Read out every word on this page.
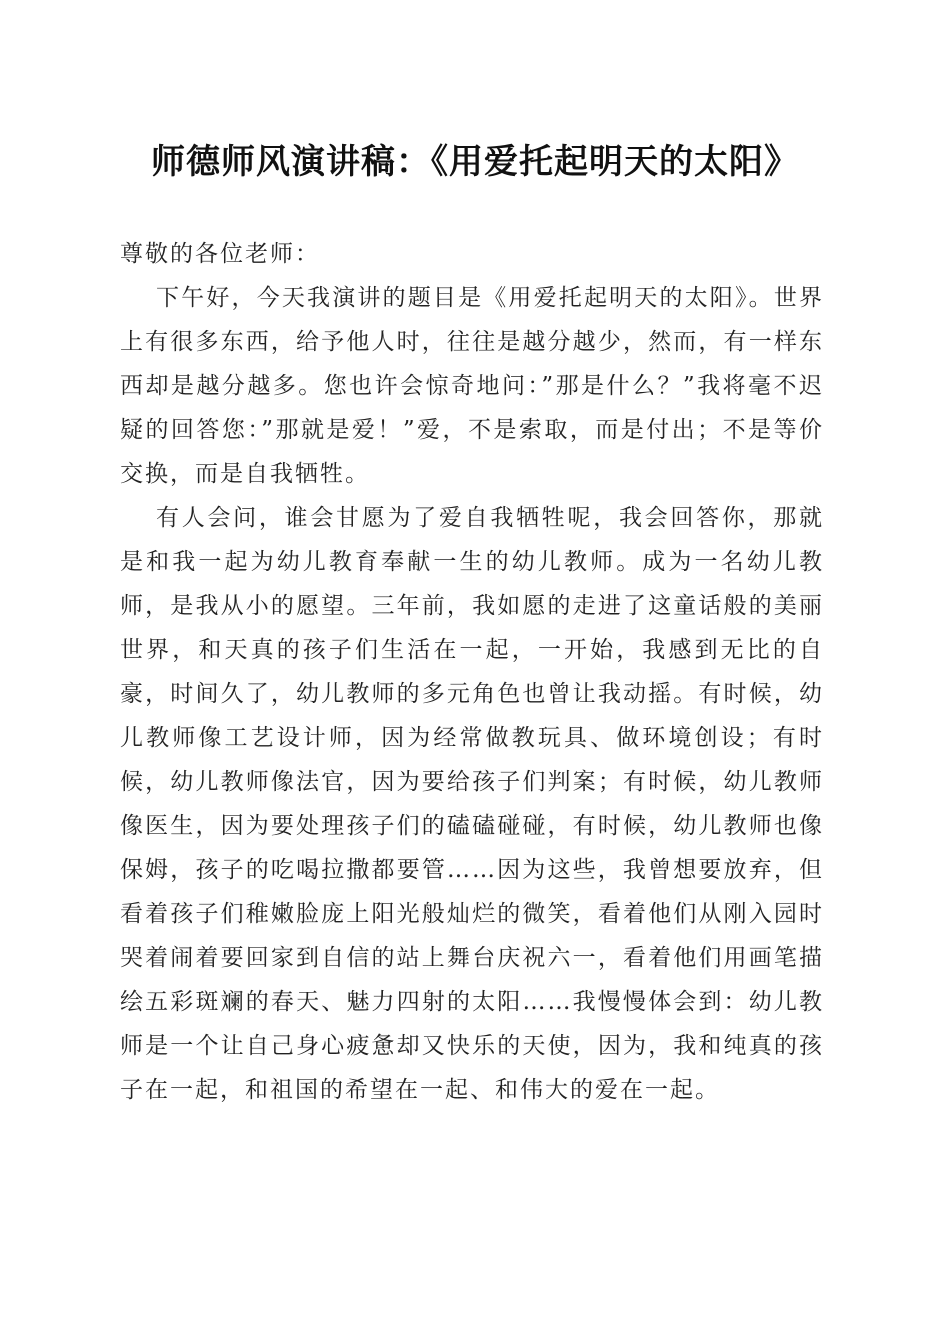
师德师风演讲稿：《用爱托起明天的太阳》

尊敬的各位老师：

下午好，今天我演讲的题目是《用爱托起明天的太阳》。世界上有很多东西，给予他人时，往往是越分越少，然而，有一样东西却是越分越多。您也许会惊奇地问：”那是什么？”我将毫不迟疑的回答您：”那就是爱！”爱，不是索取，而是付出；不是等价交换，而是自我牺牲。

有人会问，谁会甘愿为了爱自我牺牲呢，我会回答你，那就是和我一起为幼儿教育奉献一生的幼儿教师。成为一名幼儿教师，是我从小的愿望。三年前，我如愿的走进了这童话般的美丽世界，和天真的孩子们生活在一起，一开始，我感到无比的自豪，时间久了，幼儿教师的多元角色也曾让我动摇。有时候，幼儿教师像工艺设计师，因为经常做教玩具、做环境创设；有时候，幼儿教师像法官，因为要给孩子们判案；有时候，幼儿教师像医生，因为要处理孩子们的磕磕碰碰，有时候，幼儿教师也像保姆，孩子的吃喝拉撒都要管……因为这些，我曾想要放弃，但看着孩子们稚嫩脸庞上阳光般灿烂的微笑，看着他们从刚入园时哭着闹着要回家到自信的站上舞台庆祝六一，看着他们用画笔描绘五彩斑斓的春天、魅力四射的太阳……我慢慢体会到：幼儿教师是一个让自己身心疲惫却又快乐的天使，因为，我和纯真的孩子在一起，和祖国的希望在一起、和伟大的爱在一起。
